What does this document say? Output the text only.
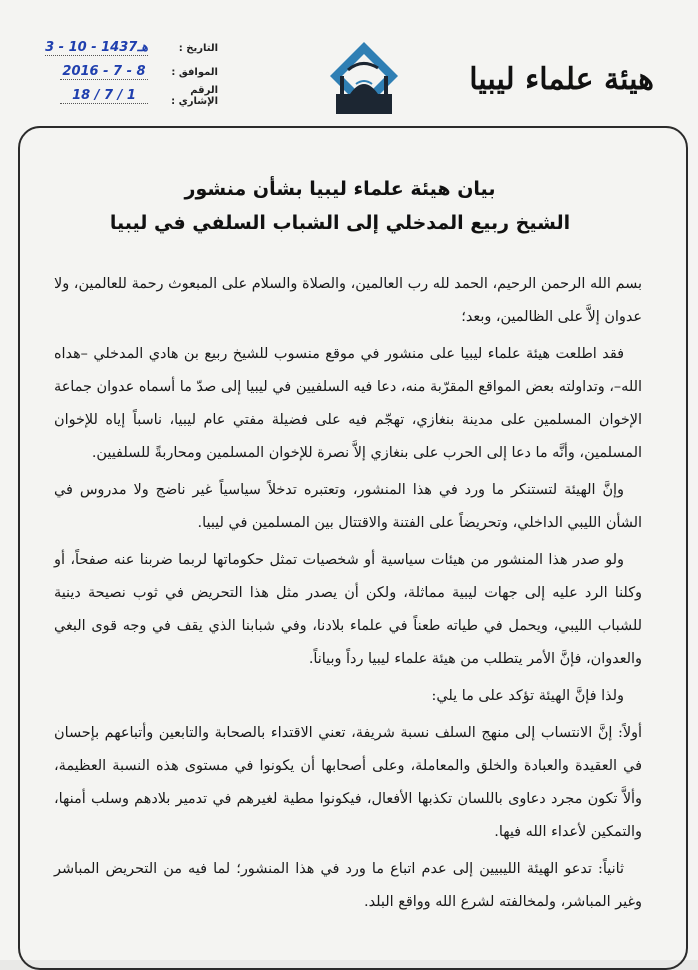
التاريخ :
3 - 10 - 1437هـ
الموافق :
2016 - 7 - 8
الرقم الإشاري :
18 / 7 / 1	هيئة علماء ليبيا
بيان هيئة علماء ليبيا بشأن منشور
الشيخ ربيع المدخلي إلى الشباب السلفي في ليبيا

بسم الله الرحمن الرحيم، الحمد لله رب العالمين، والصلاة والسلام على المبعوث رحمة للعالمين، ولا عدوان إلاَّ على الظالمين، وبعد؛

فقد اطلعت هيئة علماء ليبيا على منشور في موقع منسوب للشيخ ربيع بن هادي المدخلي –هداه الله–، وتداولته بعض المواقع المقرّبة منه، دعا فيه السلفيين في ليبيا إلى صدّ ما أسماه عدوان جماعة الإخوان المسلمين على مدينة بنغازي، تهجّم فيه على فضيلة مفتي عام ليبيا، ناسباً إياه للإخوان المسلمين، وأنَّه ما دعا إلى الحرب على بنغازي إلاَّ نصرة للإخوان المسلمين ومحاربةً للسلفيين.

وإنَّ الهيئة لتستنكر ما ورد في هذا المنشور، وتعتبره تدخلاً سياسياً غير ناضج ولا مدروس في الشأن الليبي الداخلي، وتحريضاً على الفتنة والاقتتال بين المسلمين في ليبيا.

ولو صدر هذا المنشور من هيئات سياسية أو شخصيات تمثل حكوماتها لربما ضربنا عنه صفحاً، أو وكلنا الرد عليه إلى جهات ليبية مماثلة، ولكن أن يصدر مثل هذا التحريض في ثوب نصيحة دينية للشباب الليبي، ويحمل في طياته طعناً في علماء بلادنا، وفي شبابنا الذي يقف في وجه قوى البغي والعدوان، فإنَّ الأمر يتطلب من هيئة علماء ليبيا رداً وبياناً.

ولذا فإنَّ الهيئة تؤكد على ما يلي:

أولاً: إنَّ الانتساب إلى منهج السلف نسبة شريفة، تعني الاقتداء بالصحابة والتابعين وأتباعهم بإحسان في العقيدة والعبادة والخلق والمعاملة، وعلى أصحابها أن يكونوا في مستوى هذه النسبة العظيمة، وألاَّ تكون مجرد دعاوى باللسان تكذبها الأفعال، فيكونوا مطية لغيرهم في تدمير بلادهم وسلب أمنها، والتمكين لأعداء الله فيها.

ثانياً: تدعو الهيئة الليبيين إلى عدم اتباع ما ورد في هذا المنشور؛ لما فيه من التحريض المباشر وغير المباشر، ولمخالفته لشرع الله وواقع البلد.
